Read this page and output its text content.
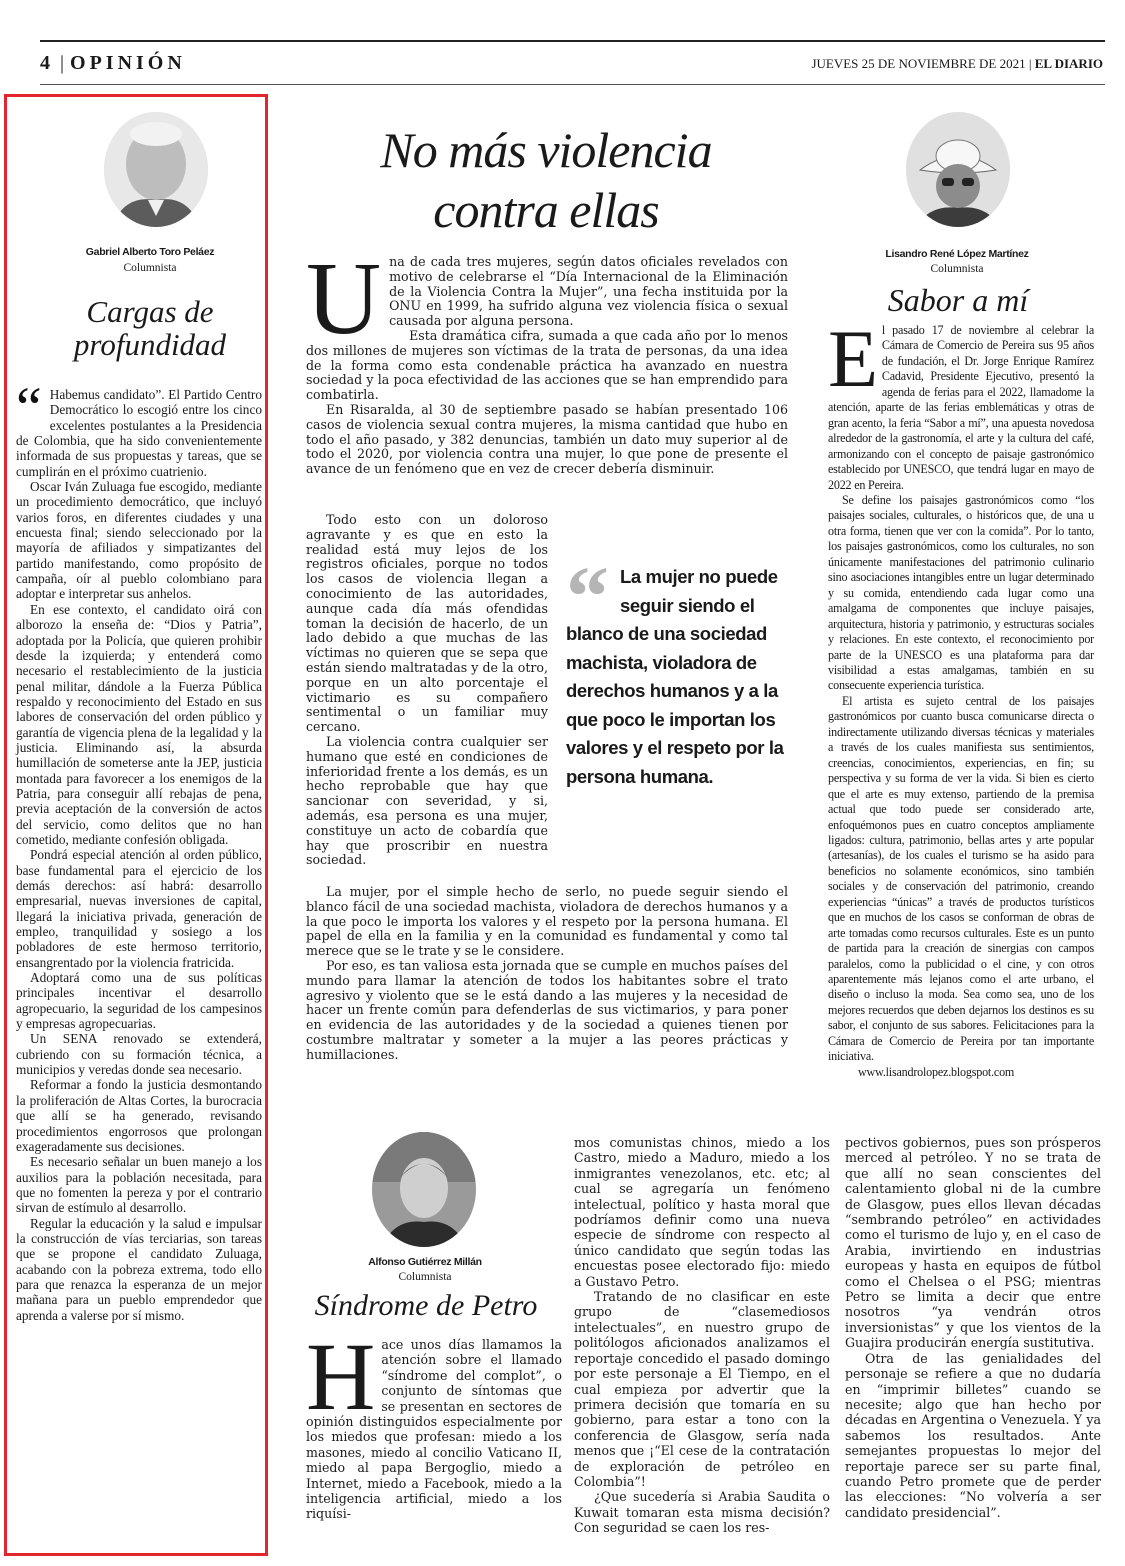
4 | OPINIÓN	JUEVES 25 DE NOVIEMBRE DE 2021 | EL DIARIO
Gabriel Alberto Toro Peláez
Columnista
Cargas de
profundidad
“ Habemus candidato”. El Partido Centro Democrático lo escogió entre los cinco excelentes postulantes a la Presidencia de Colombia, que ha sido convenientemente informada de sus propuestas y tareas, que se cumplirán en el próximo cuatrienio.

Oscar Iván Zuluaga fue escogido, mediante un procedimiento democrático, que incluyó varios foros, en diferentes ciudades y una encuesta final; siendo seleccionado por la mayoría de afiliados y simpatizantes del partido manifestando, como propósito de campaña, oír al pueblo colombiano para adoptar e interpretar sus anhelos.

En ese contexto, el candidato oirá con alborozo la enseña de: “Dios y Patria”, adoptada por la Policía, que quieren prohibir desde la izquierda; y entenderá como necesario el restablecimiento de la justicia penal militar, dándole a la Fuerza Pública respaldo y reconocimiento del Estado en sus labores de conservación del orden público y garantía de vigencia plena de la legalidad y la justicia. Eliminando así, la absurda humillación de someterse ante la JEP, justicia montada para favorecer a los enemigos de la Patria, para conseguir allí rebajas de pena, previa aceptación de la conversión de actos del servicio, como delitos que no han cometido, mediante confesión obligada.

Pondrá especial atención al orden público, base fundamental para el ejercicio de los demás derechos: así habrá: desarrollo empresarial, nuevas inversiones de capital, llegará la iniciativa privada, generación de empleo, tranquilidad y sosiego a los pobladores de este hermoso territorio, ensangrentado por la violencia fratricida.

Adoptará como una de sus políticas principales incentivar el desarrollo agropecuario, la seguridad de los campesinos y empresas agropecuarias.

Un SENA renovado se extenderá, cubriendo con su formación técnica, a municipios y veredas donde sea necesario.

Reformar a fondo la justicia desmontando la proliferación de Altas Cortes, la burocracia que allí se ha generado, revisando procedimientos engorrosos que prolongan exageradamente sus decisiones.

Es necesario señalar un buen manejo a los auxilios para la población necesitada, para que no fomenten la pereza y por el contrario sirvan de estímulo al desarrollo.

Regular la educación y la salud e impulsar la construcción de vías terciarias, son tareas que se propone el candidato Zuluaga, acabando con la pobreza extrema, todo ello para que renazca la esperanza de un mejor mañana para un pueblo emprendedor que aprenda a valerse por sí mismo.

No más violencia
contra ellas
U na de cada tres mujeres, según datos oficiales revelados con motivo de celebrarse el “Día Internacional de la Eliminación de la Violencia Contra la Mujer”, una fecha instituida por la ONU en 1999, ha sufrido alguna vez violencia física o sexual causada por alguna persona.

Esta dramática cifra, sumada a que cada año por lo menos dos millones de mujeres son víctimas de la trata de personas, da una idea de la forma como esta condenable práctica ha avanzado en nuestra sociedad y la poca efectividad de las acciones que se han emprendido para combatirla.

En Risaralda, al 30 de septiembre pasado se habían presentado 106 casos de violencia sexual contra mujeres, la misma cantidad que hubo en todo el año pasado, y 382 denuncias, también un dato muy superior al de todo el 2020, por violencia contra una mujer, lo que pone de presente el avance de un fenómeno que en vez de crecer debería disminuir.

Todo esto con un doloroso agravante y es que en esto la realidad está muy lejos de los registros oficiales, porque no todos los casos de violencia llegan a conocimiento de las autoridades, aunque cada día más ofendidas toman la decisión de hacerlo, de un lado debido a que muchas de las víctimas no quieren que se sepa que están siendo maltratadas y de la otro, porque en un alto porcentaje el victimario es su compañero sentimental o un familiar muy cercano.

La violencia contra cualquier ser humano que esté en condiciones de inferioridad frente a los demás, es un hecho reprobable que hay que sancionar con severidad, y si, además, esa persona es una mujer, constituye un acto de cobardía que hay que proscribir en nuestra sociedad.

“ La mujer no puede seguir siendo el blanco de una sociedad machista, violadora de derechos humanos y a la que poco le importan los valores y el respeto por la persona humana.

La mujer, por el simple hecho de serlo, no puede seguir siendo el blanco fácil de una sociedad machista, violadora de derechos humanos y a la que poco le importa los valores y el respeto por la persona humana. El papel de ella en la familia y en la comunidad es fundamental y como tal merece que se le trate y se le considere.

Por eso, es tan valiosa esta jornada que se cumple en muchos países del mundo para llamar la atención de todos los habitantes sobre el trato agresivo y violento que se le está dando a las mujeres y la necesidad de hacer un frente común para defenderlas de sus victimarios, y para poner en evidencia de las autoridades y de la sociedad a quienes tienen por costumbre maltratar y someter a la mujer a las peores prácticas y humillaciones.

Lisandro René López Martínez
Columnista
Sabor a mí
E l pasado 17 de noviembre al celebrar la Cámara de Comercio de Pereira sus 95 años de fundación, el Dr. Jorge Enrique Ramírez Cadavid, Presidente Ejecutivo, presentó la agenda de ferias para el 2022, llamadome la atención, aparte de las ferias emblemáticas y otras de gran acento, la feria “Sabor a mí”, una apuesta novedosa alrededor de la gastronomía, el arte y la cultura del café, armonizando con el concepto de paisaje gastronómico establecido por UNESCO, que tendrá lugar en mayo de 2022 en Pereira.

Se define los paisajes gastronómicos como “los paisajes sociales, culturales, o históricos que, de una u otra forma, tienen que ver con la comida”. Por lo tanto, los paisajes gastronómicos, como los culturales, no son únicamente manifestaciones del patrimonio culinario sino asociaciones intangibles entre un lugar determinado y su comida, entendiendo cada lugar como una amalgama de componentes que incluye paisajes, arquitectura, historia y patrimonio, y estructuras sociales y relaciones. En este contexto, el reconocimiento por parte de la UNESCO es una plataforma para dar visibilidad a estas amalgamas, también en su consecuente experiencia turística.

El artista es sujeto central de los paisajes gastronómicos por cuanto busca comunicarse directa o indirectamente utilizando diversas técnicas y materiales a través de los cuales manifiesta sus sentimientos, creencias, conocimientos, experiencias, en fin; su perspectiva y su forma de ver la vida. Si bien es cierto que el arte es muy extenso, partiendo de la premisa actual que todo puede ser considerado arte, enfoquémonos pues en cuatro conceptos ampliamente ligados: cultura, patrimonio, bellas artes y arte popular (artesanías), de los cuales el turismo se ha asido para beneficios no solamente económicos, sino también sociales y de conservación del patrimonio, creando experiencias “únicas” a través de productos turísticos que en muchos de los casos se conforman de obras de arte tomadas como recursos culturales. Este es un punto de partida para la creación de sinergias con campos paralelos, como la publicidad o el cine, y con otros aparentemente más lejanos como el arte urbano, el diseño o incluso la moda. Sea como sea, uno de los mejores recuerdos que deben dejarnos los destinos es su sabor, el conjunto de sus sabores. Felicitaciones para la Cámara de Comercio de Pereira por tan importante iniciativa.

www.lisandrolopez.blogspot.com

Alfonso Gutiérrez Millán
Columnista
Síndrome de Petro
H ace unos días llamamos la atención sobre el llamado “síndrome del complot”, o conjunto de síntomas que se presentan en sectores de opinión distinguidos especialmente por los miedos que profesan: miedo a los masones, miedo al concilio Vaticano II, miedo al papa Bergoglio, miedo a Internet, miedo a Facebook, miedo a la inteligencia artificial, miedo a los riquísi-

mos comunistas chinos, miedo a los Castro, miedo a Maduro, miedo a los inmigrantes venezolanos, etc. etc; al cual se agregaría un fenómeno intelectual, político y hasta moral que podríamos definir como una nueva especie de síndrome con respecto al único candidato que según todas las encuestas posee electorado fijo: miedo a Gustavo Petro.

Tratando de no clasificar en este grupo de “clasemediosos intelectuales”, en nuestro grupo de politólogos aficionados analizamos el reportaje concedido el pasado domingo por este personaje a El Tiempo, en el cual empieza por advertir que la primera decisión que tomaría en su gobierno, para estar a tono con la conferencia de Glasgow, sería nada menos que ¡“El cese de la contratación de exploración de petróleo en Colombia”!

¿Que sucedería si Arabia Saudita o Kuwait tomaran esta misma decisión? Con seguridad se caen los res-

pectivos gobiernos, pues son prósperos merced al petróleo. Y no se trata de que allí no sean conscientes del calentamiento global ni de la cumbre de Glasgow, pues ellos llevan décadas “sembrando petróleo” en actividades como el turismo de lujo y, en el caso de Arabia, invirtiendo en industrias europeas y hasta en equipos de fútbol como el Chelsea o el PSG; mientras Petro se limita a decir que entre nosotros “ya vendrán otros inversionistas” y que los vientos de la Guajira producirán energía sustitutiva.

Otra de las genialidades del personaje se refiere a que no dudaría en “imprimir billetes” cuando se necesite; algo que han hecho por décadas en Argentina o Venezuela. Y ya sabemos los resultados. Ante semejantes propuestas lo mejor del reportaje parece ser su parte final, cuando Petro promete que de perder las elecciones: “No volvería a ser candidato presidencial”.
